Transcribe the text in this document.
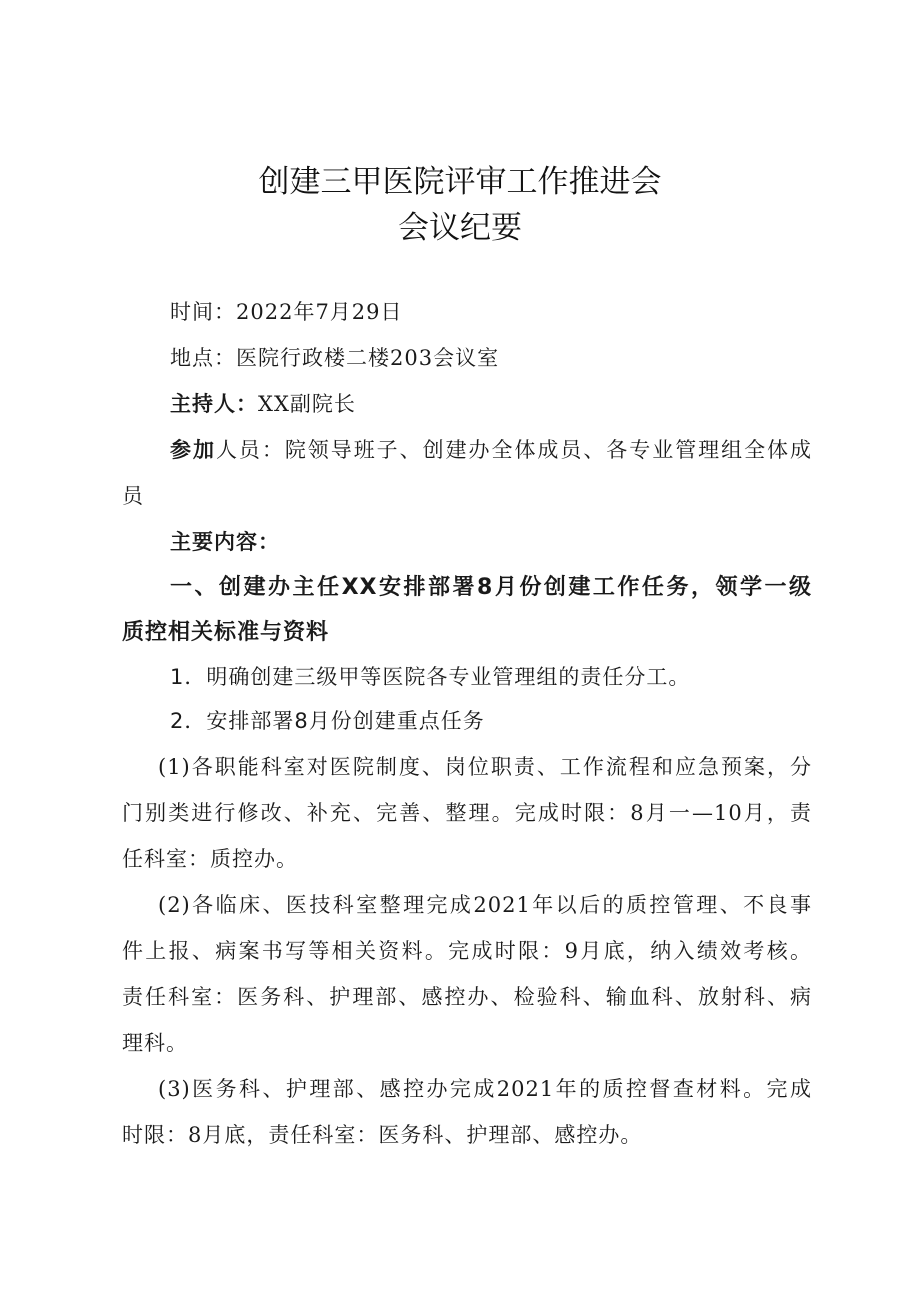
创建三甲医院评审工作推进会
会议纪要
时间：2022年7月29日
地点：医院行政楼二楼203会议室
主持人：XX副院长
参加人员：院领导班子、创建办全体成员、各专业管理组全体成
员
主要内容：
一、创建办主任XX安排部署8月份创建工作任务，领学一级
质控相关标准与资料
1．明确创建三级甲等医院各专业管理组的责任分工。
2．安排部署8月份创建重点任务
(1)各职能科室对医院制度、岗位职责、工作流程和应急预案，分
门别类进行修改、补充、完善、整理。完成时限：8月一—10月，责
任科室：质控办。
(2)各临床、医技科室整理完成2021年以后的质控管理、不良事
件上报、病案书写等相关资料。完成时限：9月底，纳入绩效考核。
责任科室：医务科、护理部、感控办、检验科、输血科、放射科、病
理科。
(3)医务科、护理部、感控办完成2021年的质控督查材料。完成
时限：8月底，责任科室：医务科、护理部、感控办。
